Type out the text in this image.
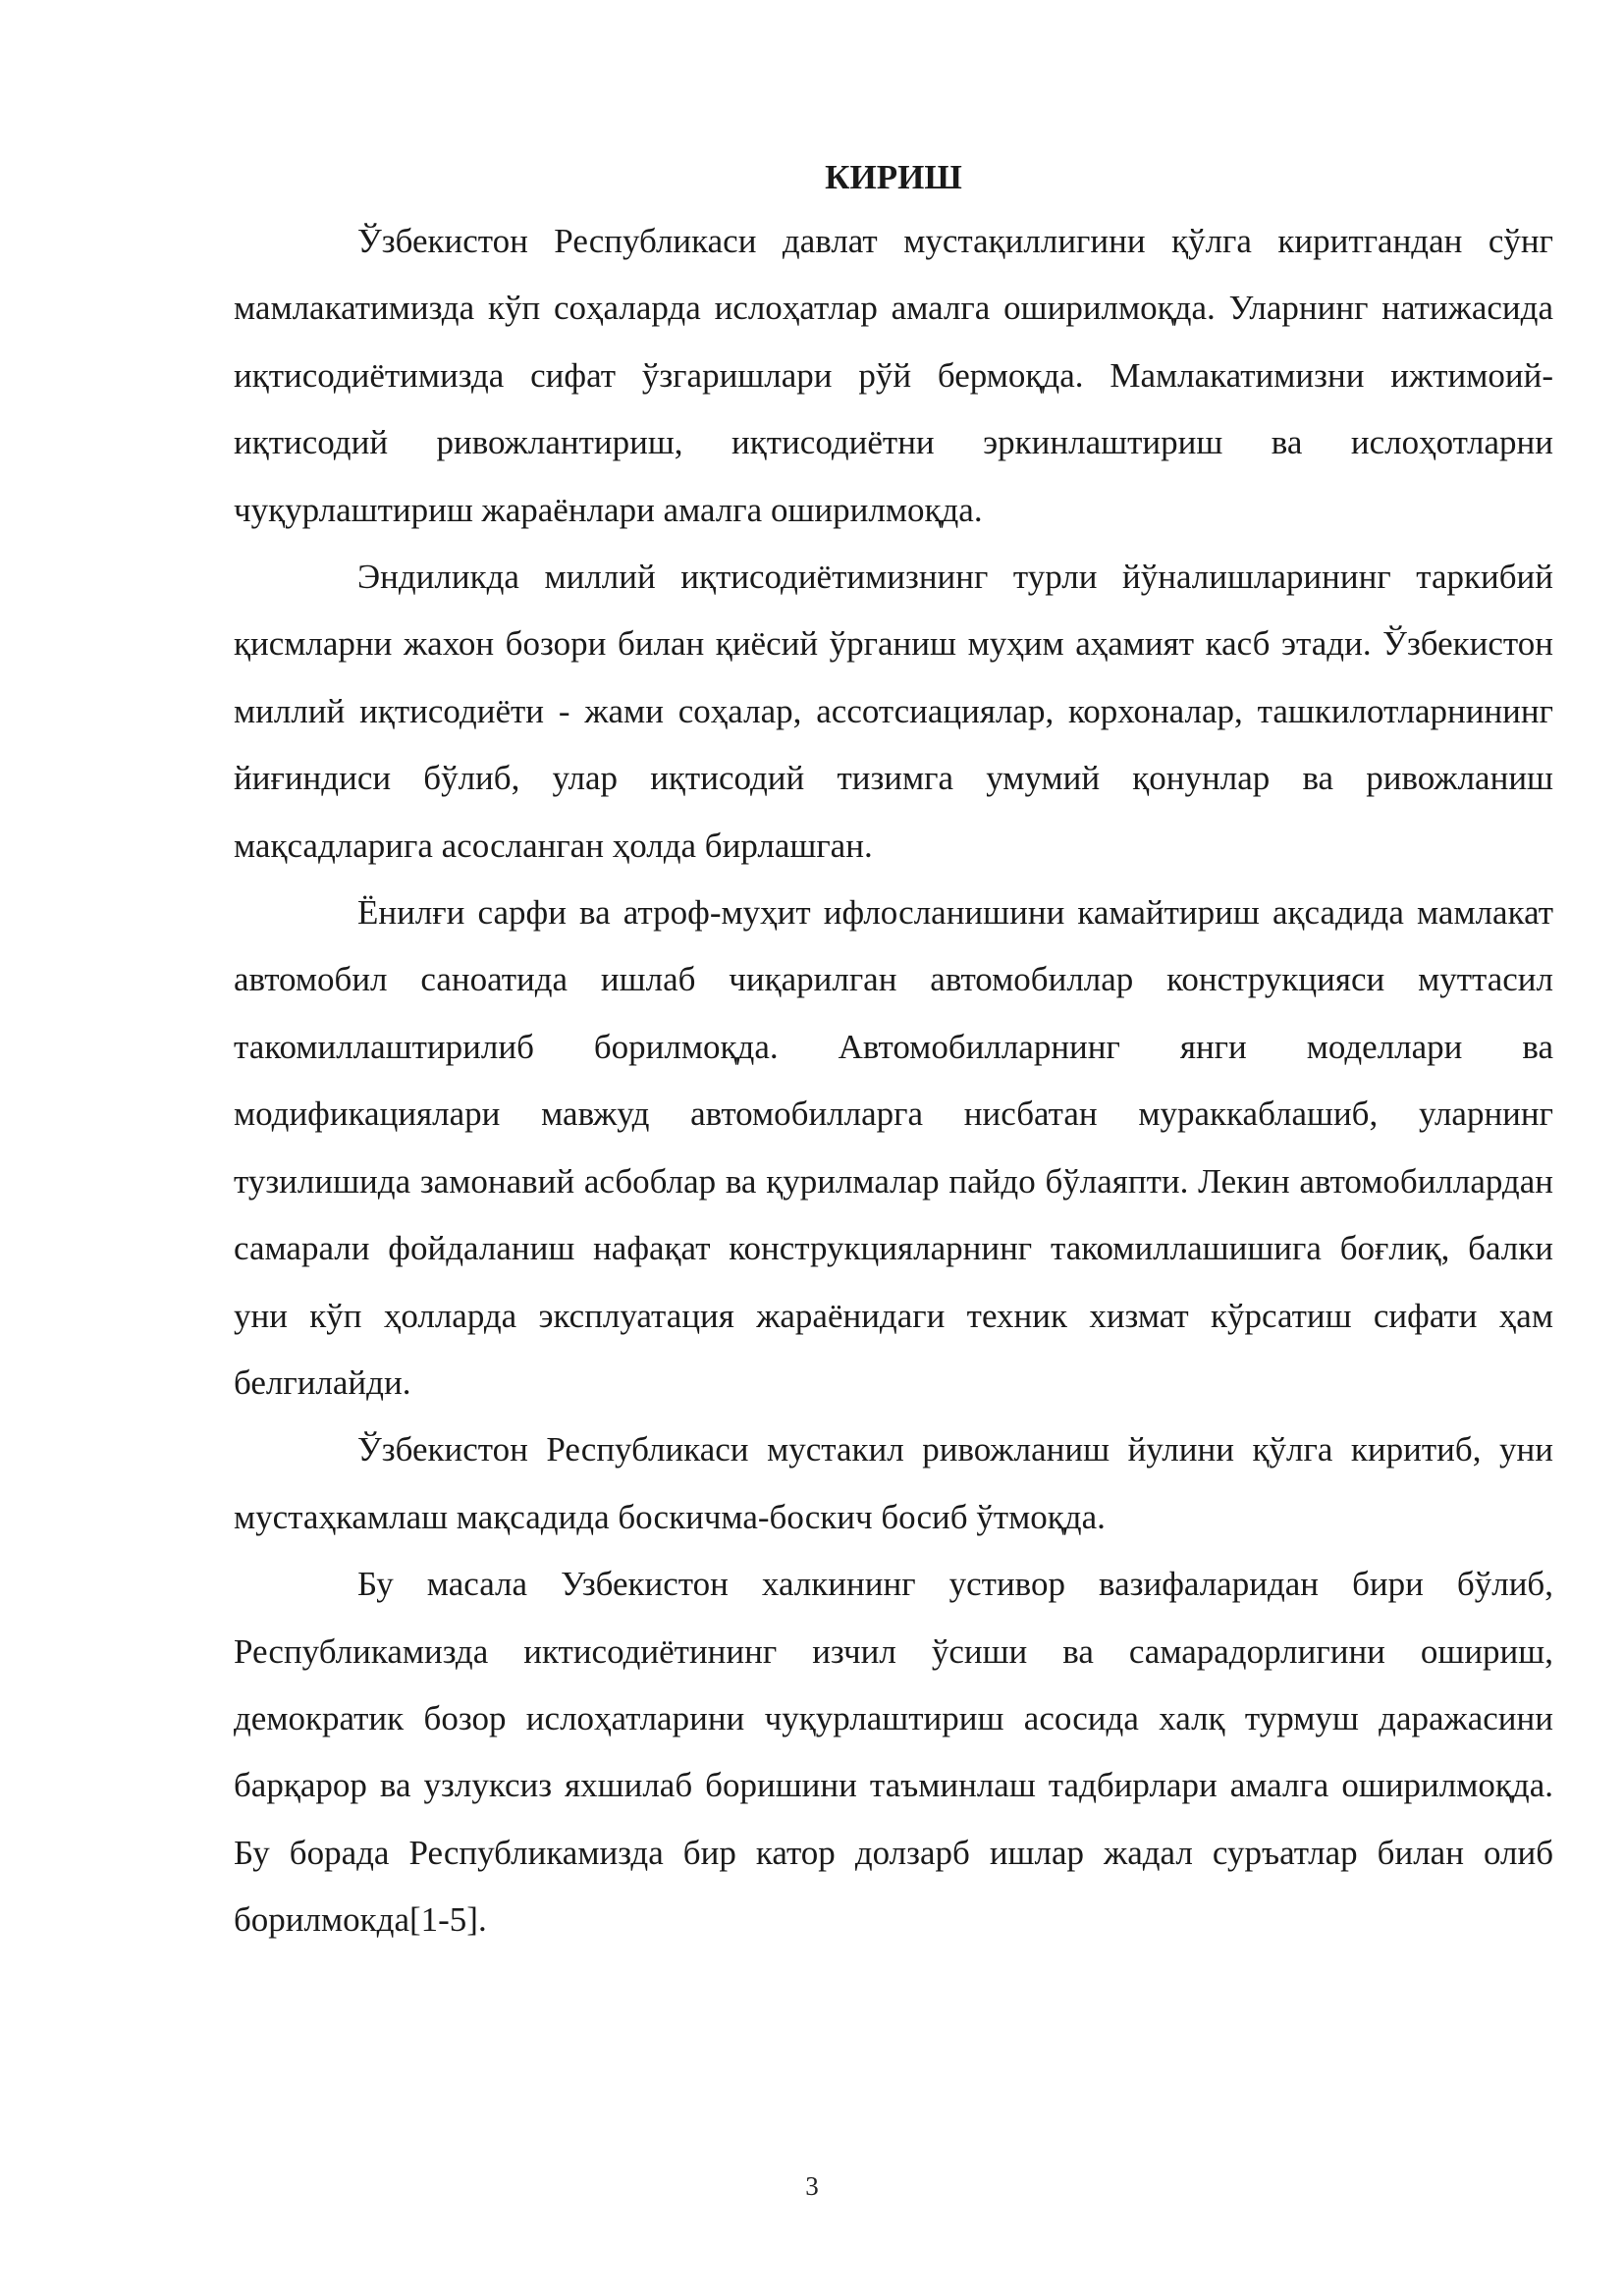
КИРИШ

Ўзбекистон Республикаси давлат мустақиллигини қўлга киритгандан сўнг мамлакатимизда кўп соҳаларда ислоҳатлар амалга оширилмоқда. Уларнинг натижасида иқтисодиётимизда сифат ўзгаришлари рўй бермоқда. Мамлакатимизни ижтимоий-иқтисодий ривожлантириш, иқтисодиётни эркинлаштириш ва ислоҳотларни чуқурлаштириш жараёнлари амалга оширилмоқда.

Эндиликда миллий иқтисодиётимизнинг турли йўналишларининг таркибий қисмларни жахон бозори билан қиёсий ўрганиш муҳим аҳамият касб этади. Ўзбекистон миллий иқтисодиёти - жами соҳалар, ассотсиациялар, корхоналар, ташкилотларнининг йиғиндиси бўлиб, улар иқтисодий тизимга умумий қонунлар ва ривожланиш мақсадларига асосланган ҳолда бирлашган.

Ёнилғи сарфи ва атроф-муҳит ифлосланишини камайтириш ақсадида мамлакат автомобил саноатида ишлаб чиқарилган автомобиллар конструкцияси муттасил такомиллаштирилиб борилмоқда. Автомобилларнинг янги моделлари ва модификациялари мавжуд автомобилларга нисбатан мураккаблашиб, уларнинг тузилишида замонавий асбоблар ва қурилмалар пайдо бўлаяпти. Лекин автомобиллардан самарали фойдаланиш нафақат конструкцияларнинг такомиллашишига боғлиқ, балки уни кўп ҳолларда эксплуатация жараёнидаги техник хизмат кўрсатиш сифати ҳам белгилайди.

Ўзбекистон Республикаси мустакил ривожланиш йулини қўлга киритиб, уни мустаҳкамлаш мақсадида боскичма-боскич босиб ўтмоқда.

Бу масала Узбекистон халкининг устивор вазифаларидан бири бўлиб, Республикамизда иктисодиётининг изчил ўсиши ва самарадорлигини ошириш, демократик бозор ислоҳатларини чуқурлаштириш асосида халқ турмуш даражасини барқарор ва узлуксиз яхшилаб боришини таъминлаш тадбирлари амалга оширилмоқда. Бу борада Республикамизда бир катор долзарб ишлар жадал суръатлар билан олиб борилмокда[1-5].

3
